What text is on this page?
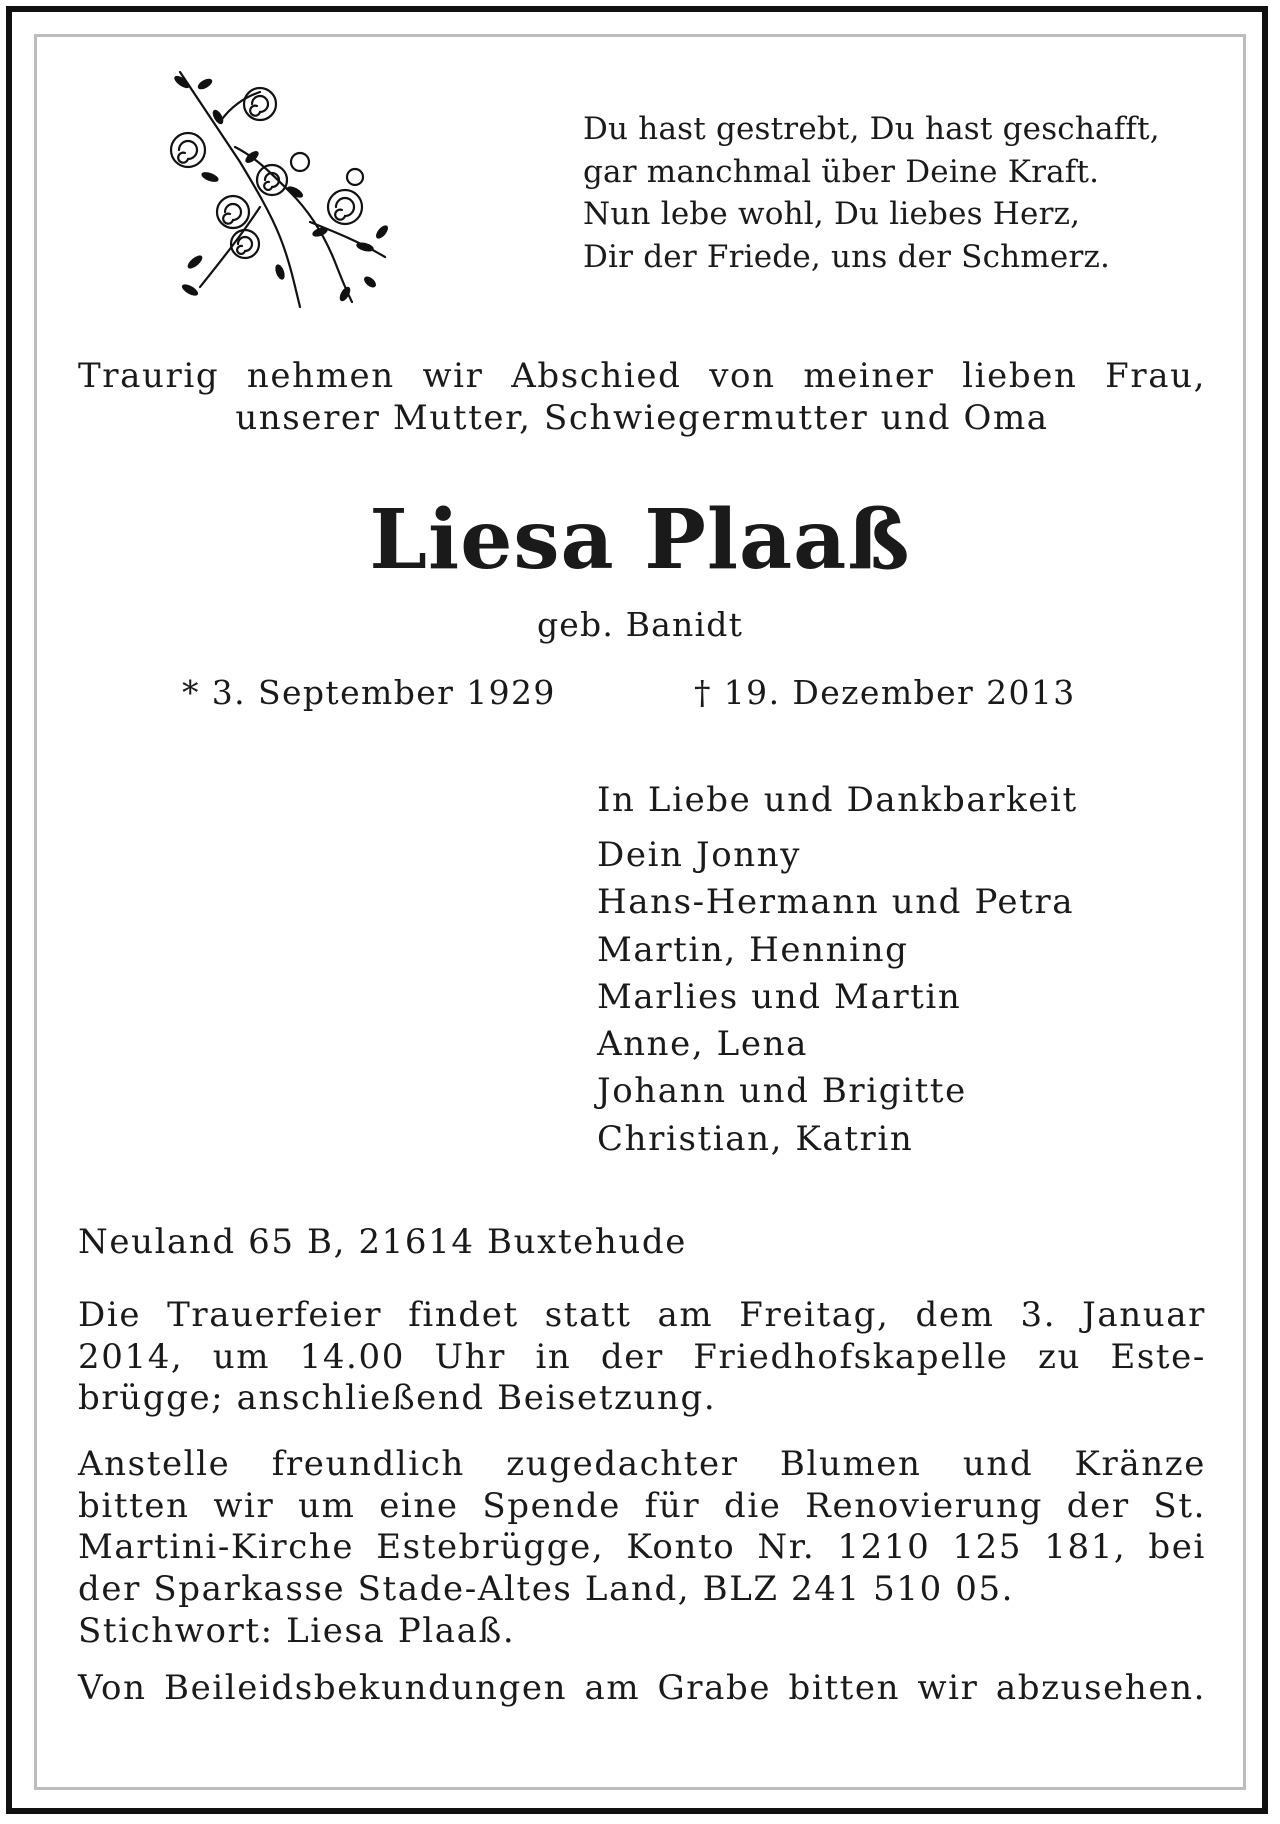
Du hast gestrebt, Du hast geschafft,
gar manchmal über Deine Kraft.
Nun lebe wohl, Du liebes Herz,
Dir der Friede, uns der Schmerz.
Traurig nehmen wir Abschied von meiner lieben Frau,
unserer Mutter, Schwiegermutter und Oma
Liesa Plaaß
geb. Banidt
* 3. September 1929	† 19. Dezember 2013
In Liebe und Dankbarkeit
Dein Jonny
Hans-Hermann und Petra
Martin, Henning
Marlies und Martin
Anne, Lena
Johann und Brigitte
Christian, Katrin
Neuland 65 B, 21614 Buxtehude
Die Trauerfeier findet statt am Freitag, dem 3. Januar
2014, um 14.00 Uhr in der Friedhofskapelle zu Este-
brügge; anschließend Beisetzung.
Anstelle freundlich zugedachter Blumen und Kränze
bitten wir um eine Spende für die Renovierung der St.
Martini-Kirche Estebrügge, Konto Nr. 1210 125 181, bei
der Sparkasse Stade-Altes Land, BLZ 241 510 05.
Stichwort: Liesa Plaaß.
Von Beileidsbekundungen am Grabe bitten wir abzusehen.
